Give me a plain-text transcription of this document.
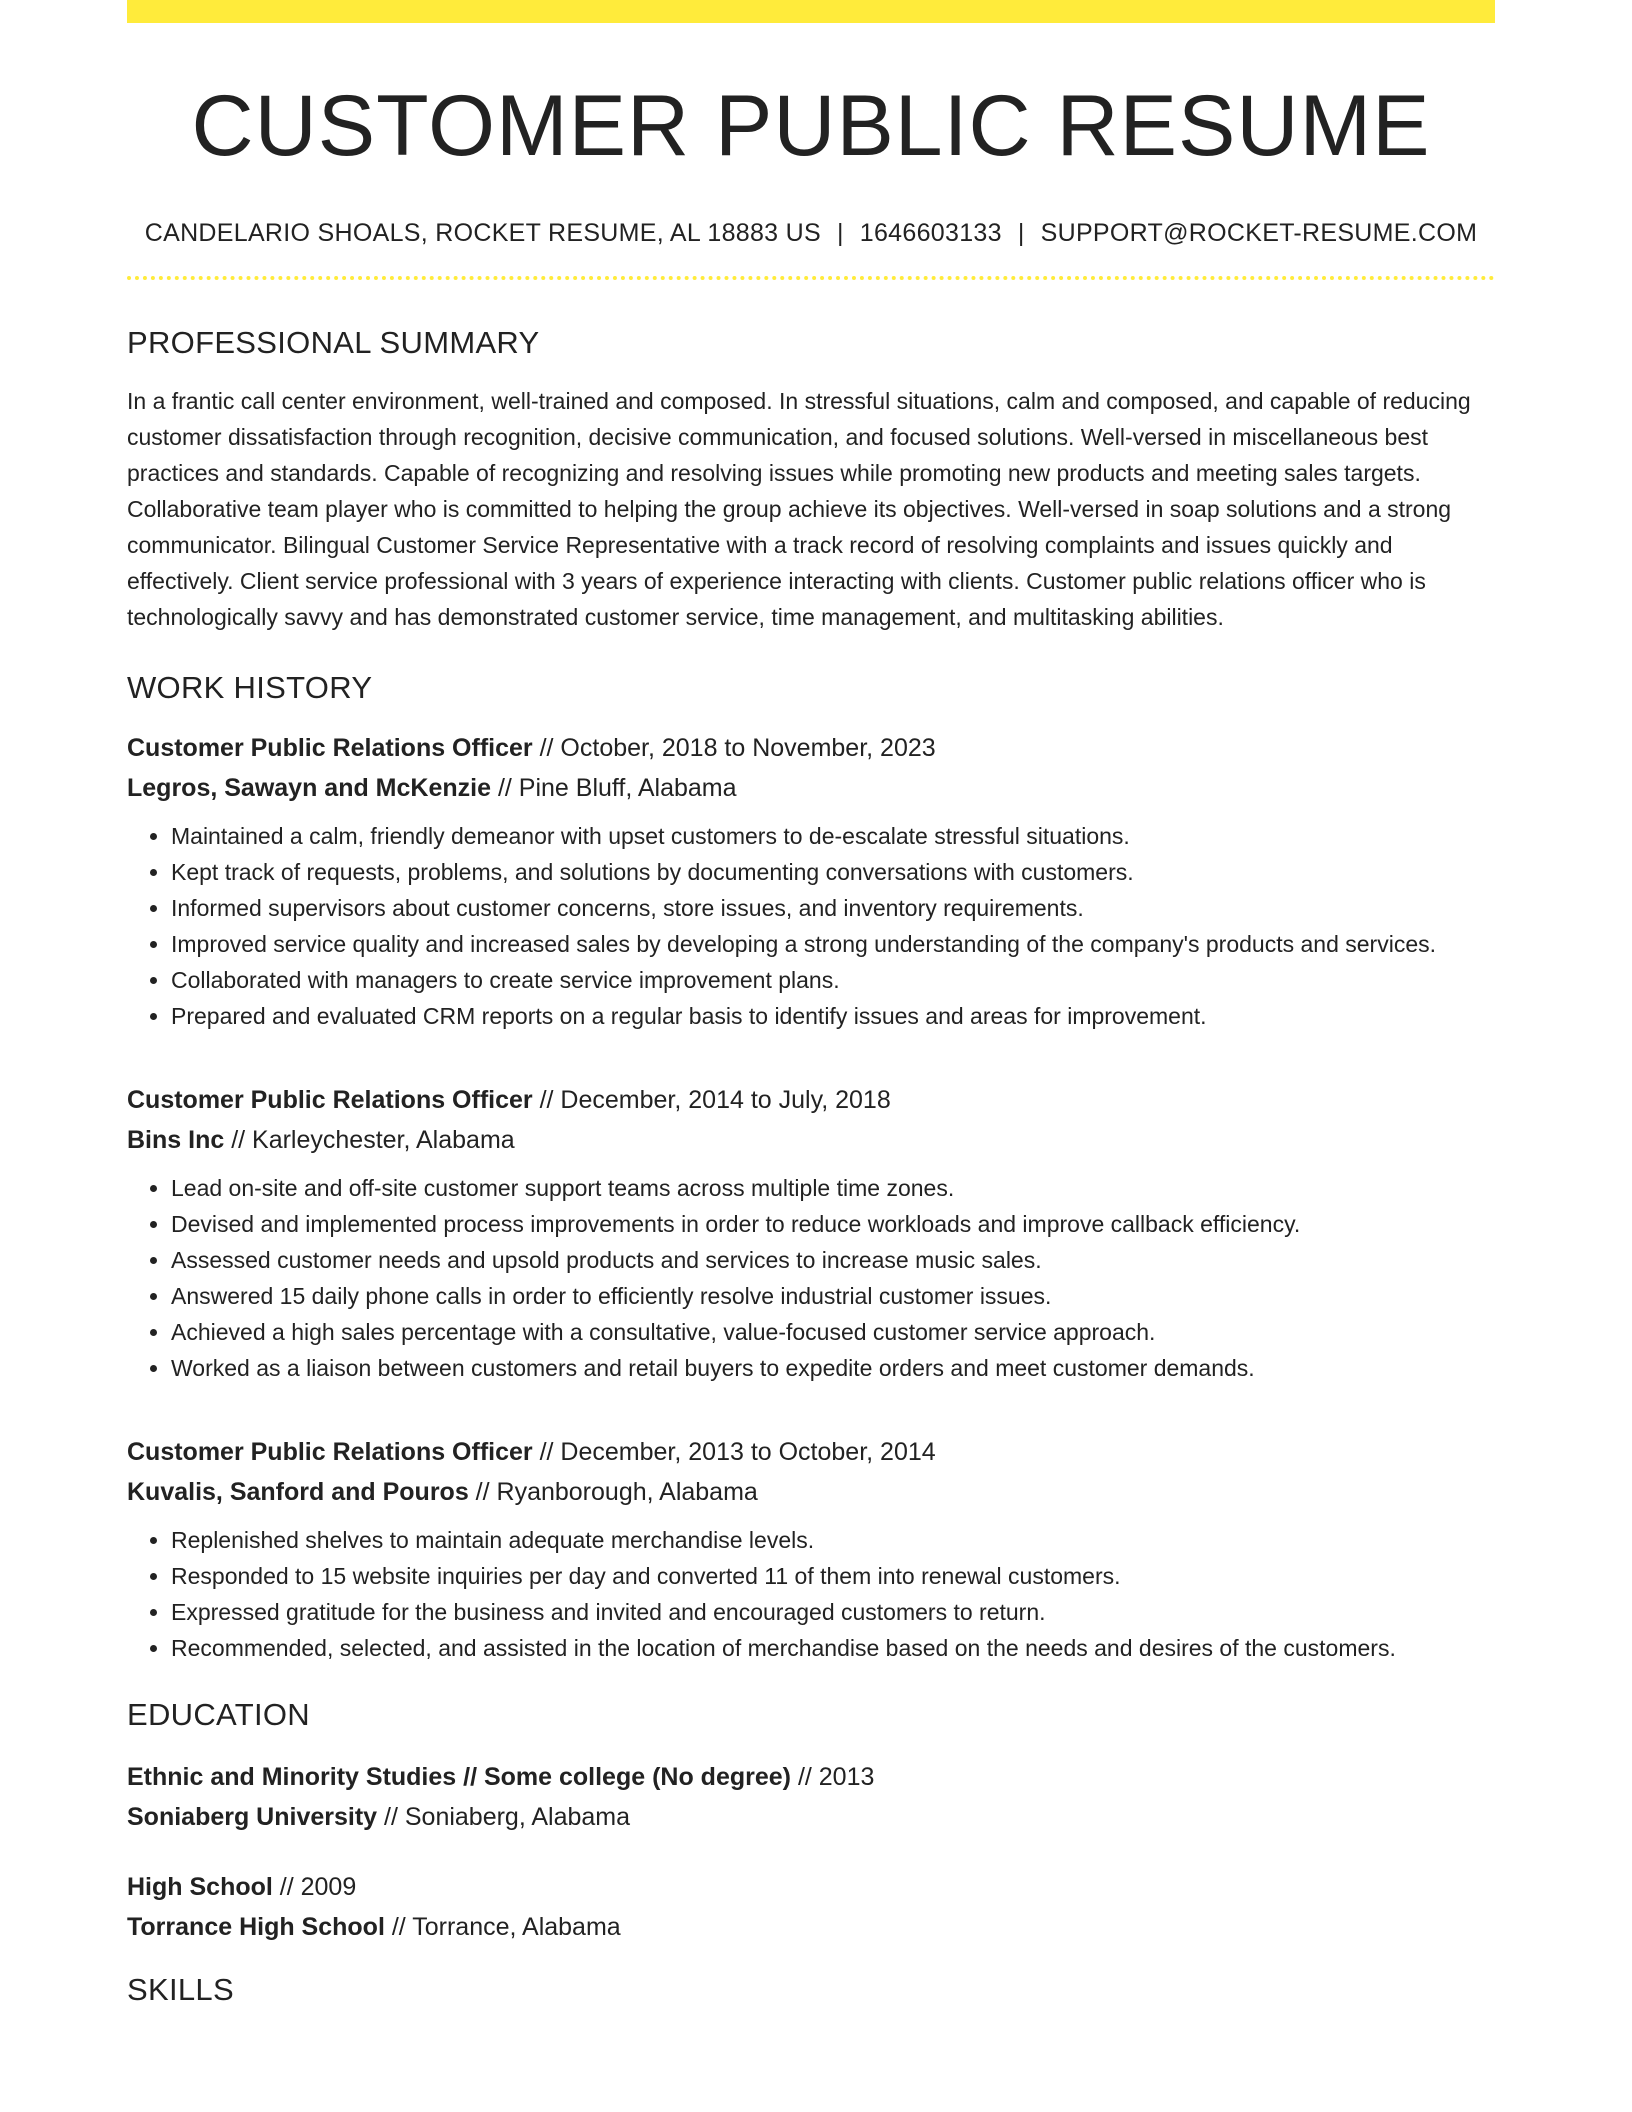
CUSTOMER PUBLIC RESUME
CANDELARIO SHOALS, ROCKET RESUME, AL 18883 US | 1646603133 | SUPPORT@ROCKET-RESUME.COM
PROFESSIONAL SUMMARY
In a frantic call center environment, well-trained and composed. In stressful situations, calm and composed, and capable of reducing customer dissatisfaction through recognition, decisive communication, and focused solutions. Well-versed in miscellaneous best practices and standards. Capable of recognizing and resolving issues while promoting new products and meeting sales targets. Collaborative team player who is committed to helping the group achieve its objectives. Well-versed in soap solutions and a strong communicator. Bilingual Customer Service Representative with a track record of resolving complaints and issues quickly and effectively. Client service professional with 3 years of experience interacting with clients. Customer public relations officer who is technologically savvy and has demonstrated customer service, time management, and multitasking abilities.
WORK HISTORY
Customer Public Relations Officer // October, 2018 to November, 2023
Legros, Sawayn and McKenzie // Pine Bluff, Alabama
• Maintained a calm, friendly demeanor with upset customers to de-escalate stressful situations.
• Kept track of requests, problems, and solutions by documenting conversations with customers.
• Informed supervisors about customer concerns, store issues, and inventory requirements.
• Improved service quality and increased sales by developing a strong understanding of the company's products and services.
• Collaborated with managers to create service improvement plans.
• Prepared and evaluated CRM reports on a regular basis to identify issues and areas for improvement.
Customer Public Relations Officer // December, 2014 to July, 2018
Bins Inc // Karleychester, Alabama
• Lead on-site and off-site customer support teams across multiple time zones.
• Devised and implemented process improvements in order to reduce workloads and improve callback efficiency.
• Assessed customer needs and upsold products and services to increase music sales.
• Answered 15 daily phone calls in order to efficiently resolve industrial customer issues.
• Achieved a high sales percentage with a consultative, value-focused customer service approach.
• Worked as a liaison between customers and retail buyers to expedite orders and meet customer demands.
Customer Public Relations Officer // December, 2013 to October, 2014
Kuvalis, Sanford and Pouros // Ryanborough, Alabama
• Replenished shelves to maintain adequate merchandise levels.
• Responded to 15 website inquiries per day and converted 11 of them into renewal customers.
• Expressed gratitude for the business and invited and encouraged customers to return.
• Recommended, selected, and assisted in the location of merchandise based on the needs and desires of the customers.
EDUCATION
Ethnic and Minority Studies // Some college (No degree) // 2013
Soniaberg University // Soniaberg, Alabama
High School // 2009
Torrance High School // Torrance, Alabama
SKILLS
